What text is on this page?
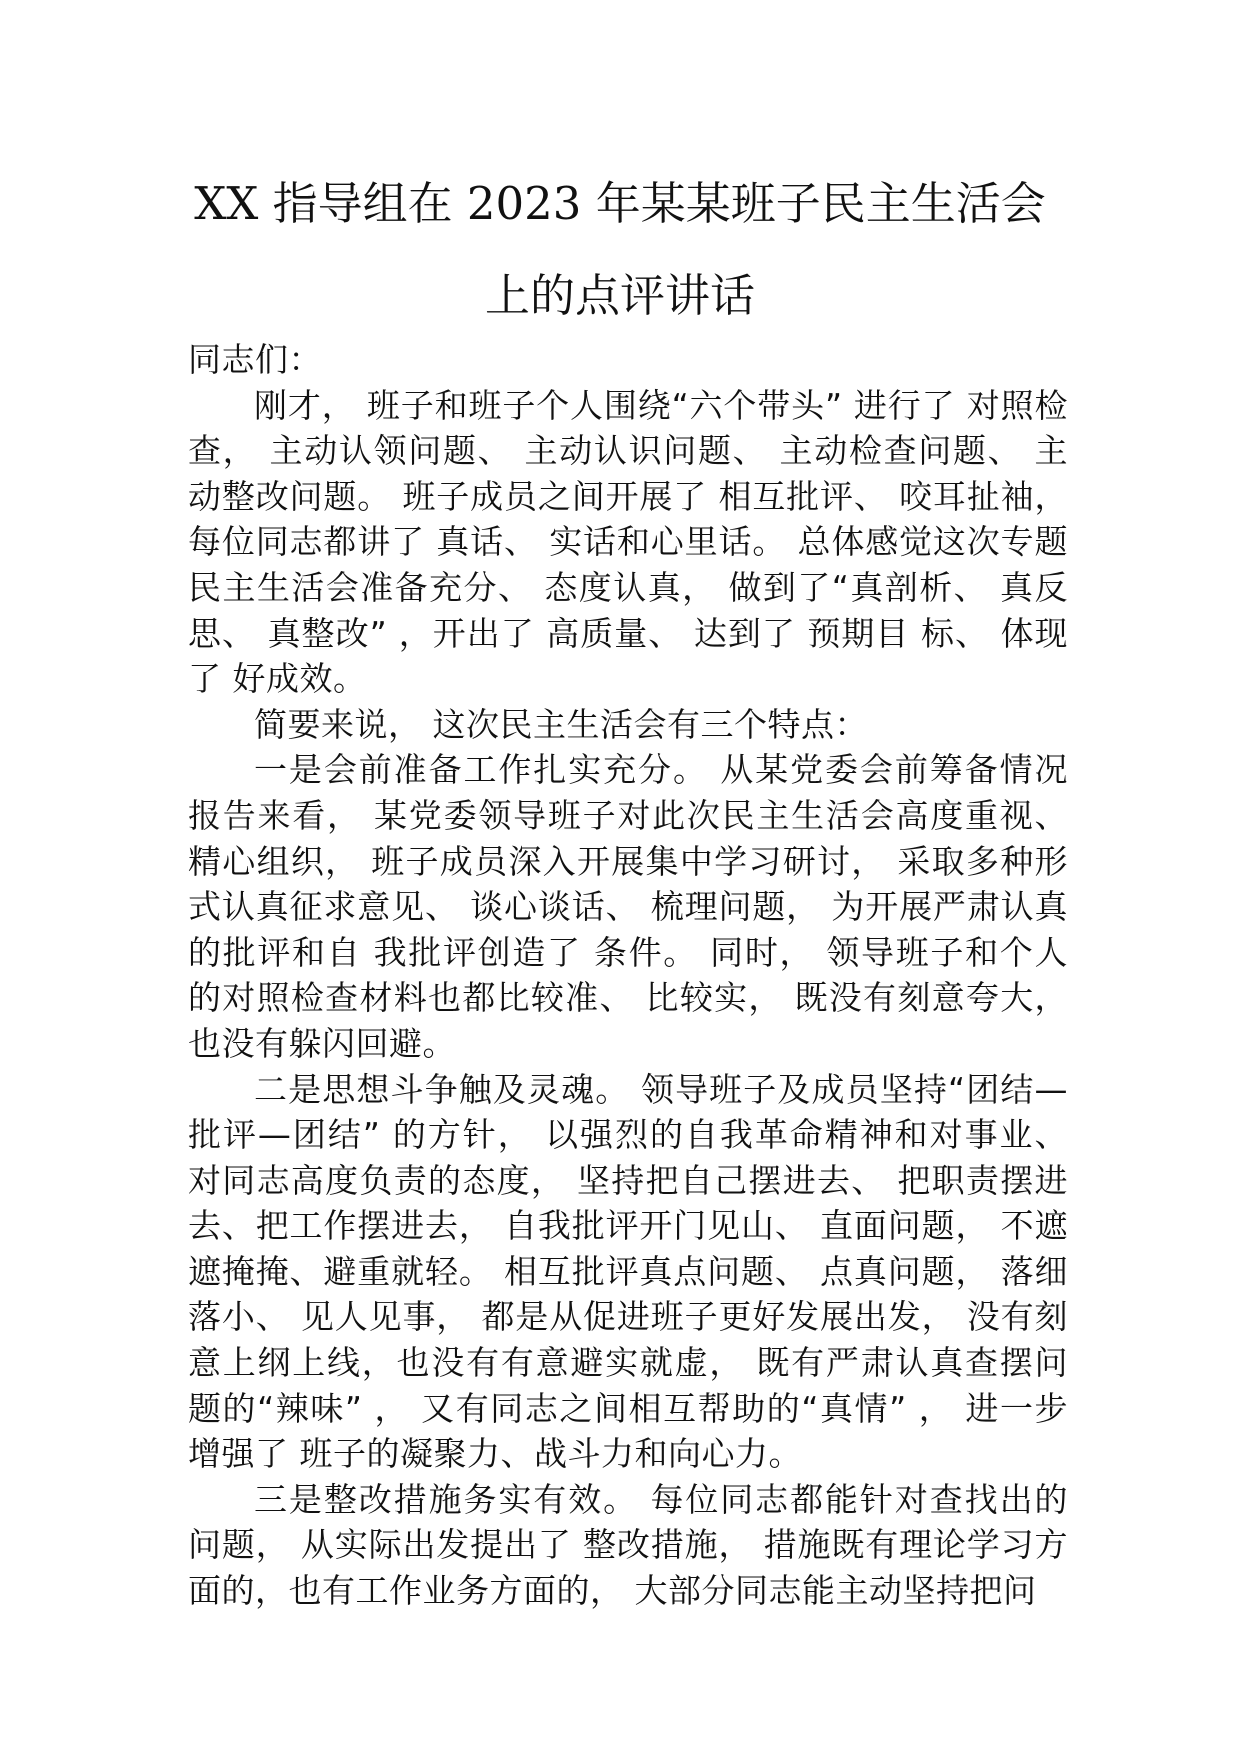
XX 指导组在 2023 年某某班子民主生活会
上的点评讲话

同志们：

刚才， 班子和班子个人围绕“六个带头” 进行了 对照检查， 主动认领问题、 主动认识问题、 主动检查问题、 主动整改问题。 班子成员之间开展了 相互批评、 咬耳扯袖， 每位同志都讲了 真话、 实话和心里话。 总体感觉这次专题民主生活会准备充分、 态度认真， 做到了“真剖析、 真反思、 真整改” ，开出了 高质量、 达到了 预期目 标、 体现了 好成效。

简要来说， 这次民主生活会有三个特点：

一是会前准备工作扎实充分。 从某党委会前筹备情况报告来看， 某党委领导班子对此次民主生活会高度重视、 精心组织， 班子成员深入开展集中学习研讨， 采取多种形式认真征求意见、 谈心谈话、 梳理问题， 为开展严肃认真的批评和自 我批评创造了 条件。 同时， 领导班子和个人的对照检查材料也都比较准、 比较实， 既没有刻意夸大， 也没有躲闪回避。

二是思想斗争触及灵魂。 领导班子及成员坚持“团结—批评—团结” 的方针， 以强烈的自我革命精神和对事业、 对同志高度负责的态度， 坚持把自己摆进去、 把职责摆进去、把工作摆进去， 自我批评开门见山、 直面问题， 不遮遮掩掩、避重就轻。 相互批评真点问题、 点真问题， 落细落小、 见人见事， 都是从促进班子更好发展出发， 没有刻意上纲上线，也没有有意避实就虚， 既有严肃认真查摆问题的“辣味” ， 又有同志之间相互帮助的“真情” ， 进一步增强了 班子的凝聚力、战斗力和向心力。

三是整改措施务实有效。 每位同志都能针对查找出的问题， 从实际出发提出了 整改措施， 措施既有理论学习方面的，也有工作业务方面的， 大部分同志能主动坚持把问
